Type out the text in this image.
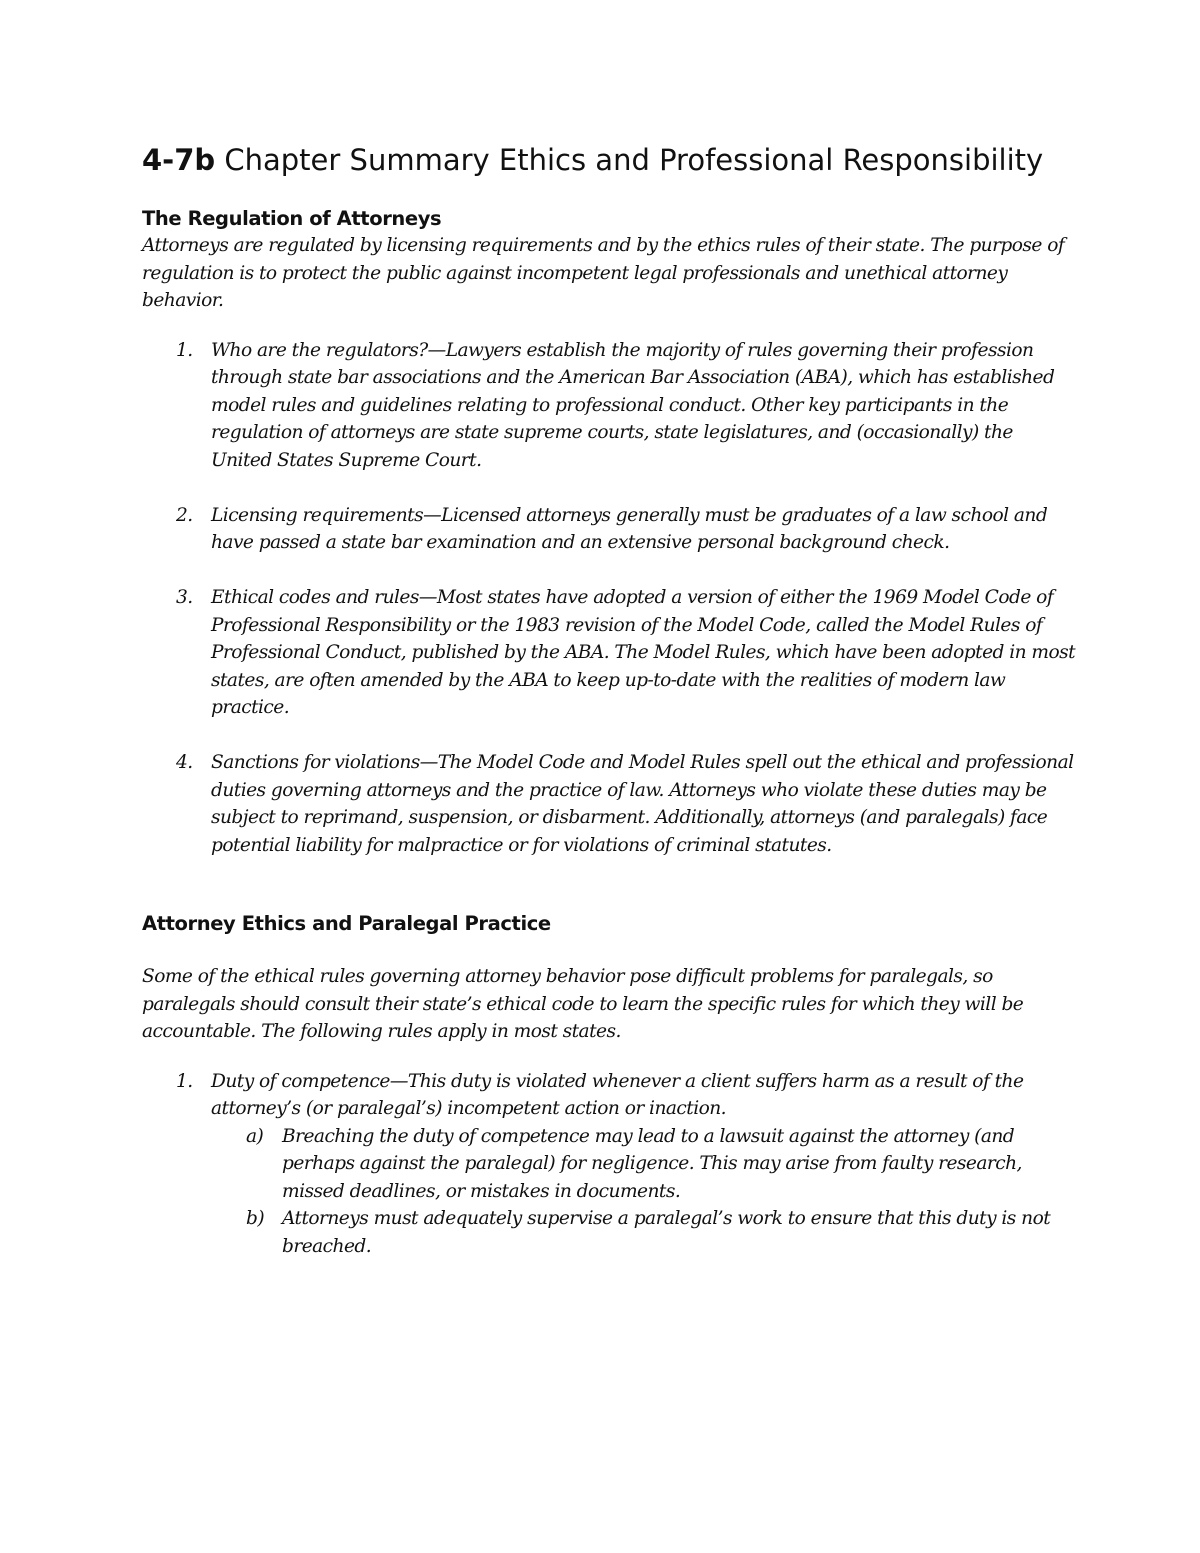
4-7b Chapter Summary Ethics and Professional Responsibility
The Regulation of Attorneys

Attorneys are regulated by licensing requirements and by the ethics rules of their state. The purpose of regulation is to protect the public against incompetent legal professionals and unethical attorney behavior.

1. Who are the regulators?—Lawyers establish the majority of rules governing their profession through state bar associations and the American Bar Association (ABA), which has established model rules and guidelines relating to professional conduct. Other key participants in the regulation of attorneys are state supreme courts, state legislatures, and (occasionally) the United States Supreme Court.
2. Licensing requirements—Licensed attorneys generally must be graduates of a law school and have passed a state bar examination and an extensive personal background check.
3. Ethical codes and rules—Most states have adopted a version of either the 1969 Model Code of Professional Responsibility or the 1983 revision of the Model Code, called the Model Rules of Professional Conduct, published by the ABA. The Model Rules, which have been adopted in most states, are often amended by the ABA to keep up-to-date with the realities of modern law practice.
4. Sanctions for violations—The Model Code and Model Rules spell out the ethical and professional duties governing attorneys and the practice of law. Attorneys who violate these duties may be subject to reprimand, suspension, or disbarment. Additionally, attorneys (and paralegals) face potential liability for malpractice or for violations of criminal statutes.
Attorney Ethics and Paralegal Practice

Some of the ethical rules governing attorney behavior pose difficult problems for paralegals, so paralegals should consult their state’s ethical code to learn the specific rules for which they will be accountable. The following rules apply in most states.

1. Duty of competence—This duty is violated whenever a client suffers harm as a result of the attorney’s (or paralegal’s) incompetent action or inaction.
a) Breaching the duty of competence may lead to a lawsuit against the attorney (and perhaps against the paralegal) for negligence. This may arise from faulty research, missed deadlines, or mistakes in documents.
b) Attorneys must adequately supervise a paralegal’s work to ensure that this duty is not breached.
